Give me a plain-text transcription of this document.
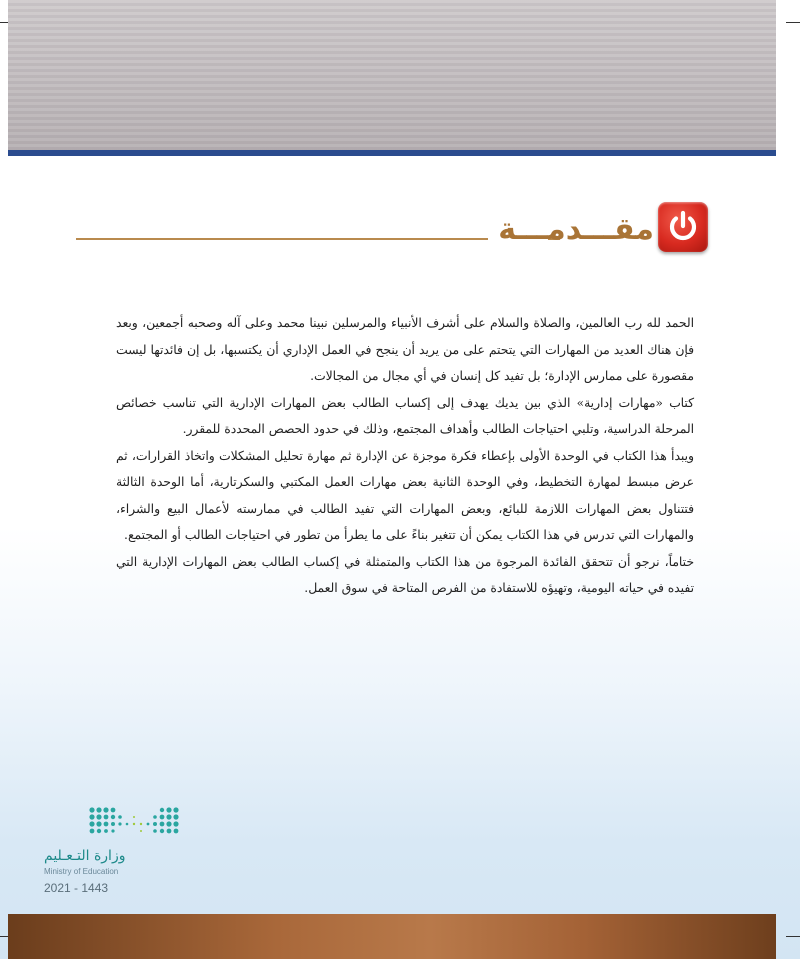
مقـــدمـــة

الحمد لله رب العالمين، والصلاة والسلام على أشرف الأنبياء والمرسلين نبينا محمد وعلى آله وصحبه أجمعين، وبعد فإن هناك العديد من المهارات التي يتحتم على من يريد أن ينجح في العمل الإداري أن يكتسبها، بل إن فائدتها ليست مقصورة على ممارس الإدارة؛ بل تفيد كل إنسان في أي مجال من المجالات.

كتاب «مهارات إدارية» الذي بين يديك يهدف إلى إكساب الطالب بعض المهارات الإدارية التي تناسب خصائص المرحلة الدراسية، وتلبي احتياجات الطالب وأهداف المجتمع، وذلك في حدود الحصص المحددة للمقرر.

ويبدأ هذا الكتاب في الوحدة الأولى بإعطاء فكرة موجزة عن الإدارة ثم مهارة تحليل المشكلات واتخاذ القرارات، ثم عرض مبسط لمهارة التخطيط، وفي الوحدة الثانية بعض مهارات العمل المكتبي والسكرتارية، أما الوحدة الثالثة فتتناول بعض المهارات اللازمة للبائع، وبعض المهارات التي تفيد الطالب في ممارسته لأعمال البيع والشراء، والمهارات التي تدرس في هذا الكتاب يمكن أن تتغير بناءً على ما يطرأ من تطور في احتياجات الطالب أو المجتمع.

ختاماً، نرجو أن تتحقق الفائدة المرجوة من هذا الكتاب والمتمثلة في إكساب الطالب بعض المهارات الإدارية التي تفيده في حياته اليومية، وتهيؤه للاستفادة من الفرص المتاحة في سوق العمل.

وزارة التـعـليم
Ministry of Education
2021 - 1443
